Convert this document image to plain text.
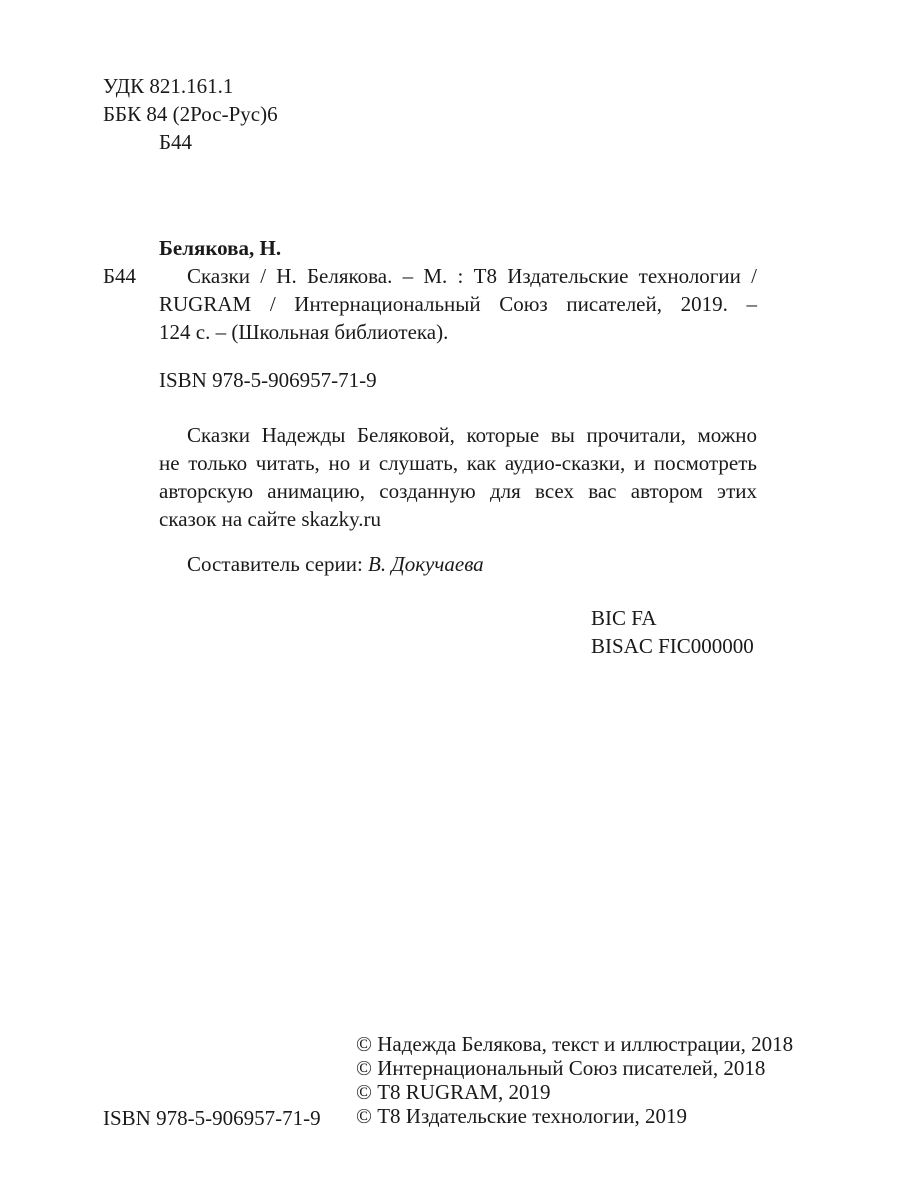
УДК 821.161.1
ББК 84 (2Рос-Рус)6
Б44
Белякова, Н.
Б44 Сказки / Н. Белякова. – М. : Т8 Издательские технологии /
RUGRAM / Интернациональный Союз писателей, 2019. –
124 с. – (Школьная библиотека).
ISBN 978-5-906957-71-9
Сказки Надежды Беляковой, которые вы прочитали, можно
не только читать, но и слушать, как аудио-сказки, и посмотреть
авторскую анимацию, созданную для всех вас автором этих
сказок на сайте skazky.ru
Составитель серии: В. Докучаева
BIC FA
BISAC FIC000000
ISBN 978-5-906957-71-9
© Надежда Белякова, текст и иллюстрации, 2018
© Интернациональный Союз писателей, 2018
© Т8 RUGRAM, 2019
© Т8 Издательские технологии, 2019
